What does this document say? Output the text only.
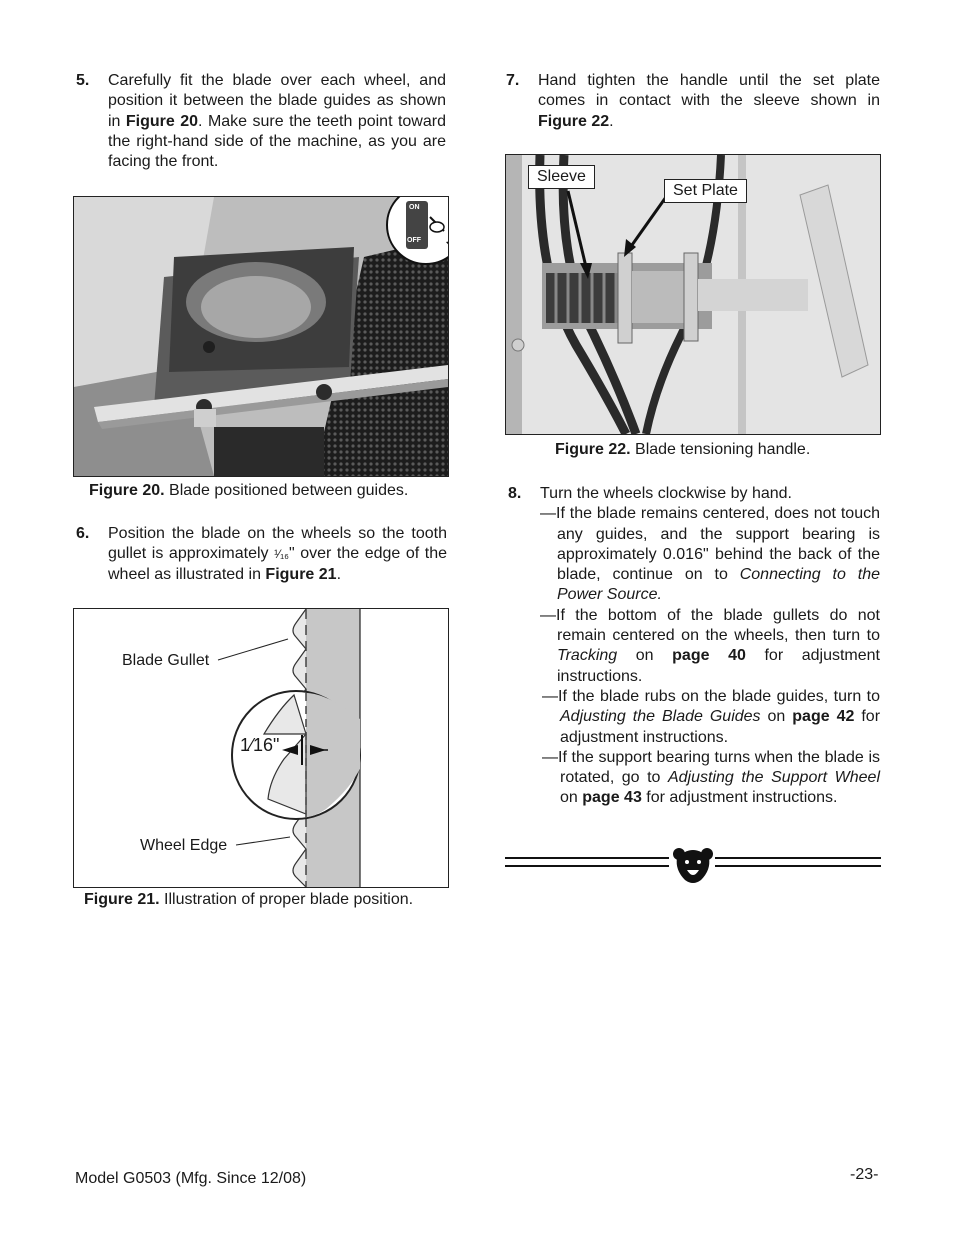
5. Carefully fit the blade over each wheel, and position it between the blade guides as shown in Figure 20. Make sure the teeth point toward the right-hand side of the machine, as you are facing the front.
ON
OFF
Figure 20. Blade positioned between guides.
6. Position the blade on the wheels so the tooth gullet is approximately ¹⁄₁₆" over the edge of the wheel as illustrated in Figure 21.
Blade Gullet
Wheel Edge
1⁄16"
Figure 21. Illustration of proper blade position.
7. Hand tighten the handle until the set plate comes in contact with the sleeve shown in Figure 22.
Sleeve
Set Plate
Figure 22. Blade tensioning handle.
8. Turn the wheels clockwise by hand.
—If the blade remains centered, does not touch any guides, and the support bearing is approximately 0.016" behind the back of the blade, continue on to Connecting to the Power Source.
—If the bottom of the blade gullets do not remain centered on the wheels, then turn to Tracking on page 40 for adjustment instructions.
—If the blade rubs on the blade guides, turn to Adjusting the Blade Guides on page 42 for adjustment instructions.
—If the support bearing turns when the blade is rotated, go to Adjusting the Support Wheel on page 43 for adjustment instructions.
Model G0503 (Mfg. Since 12/08)	-23-
